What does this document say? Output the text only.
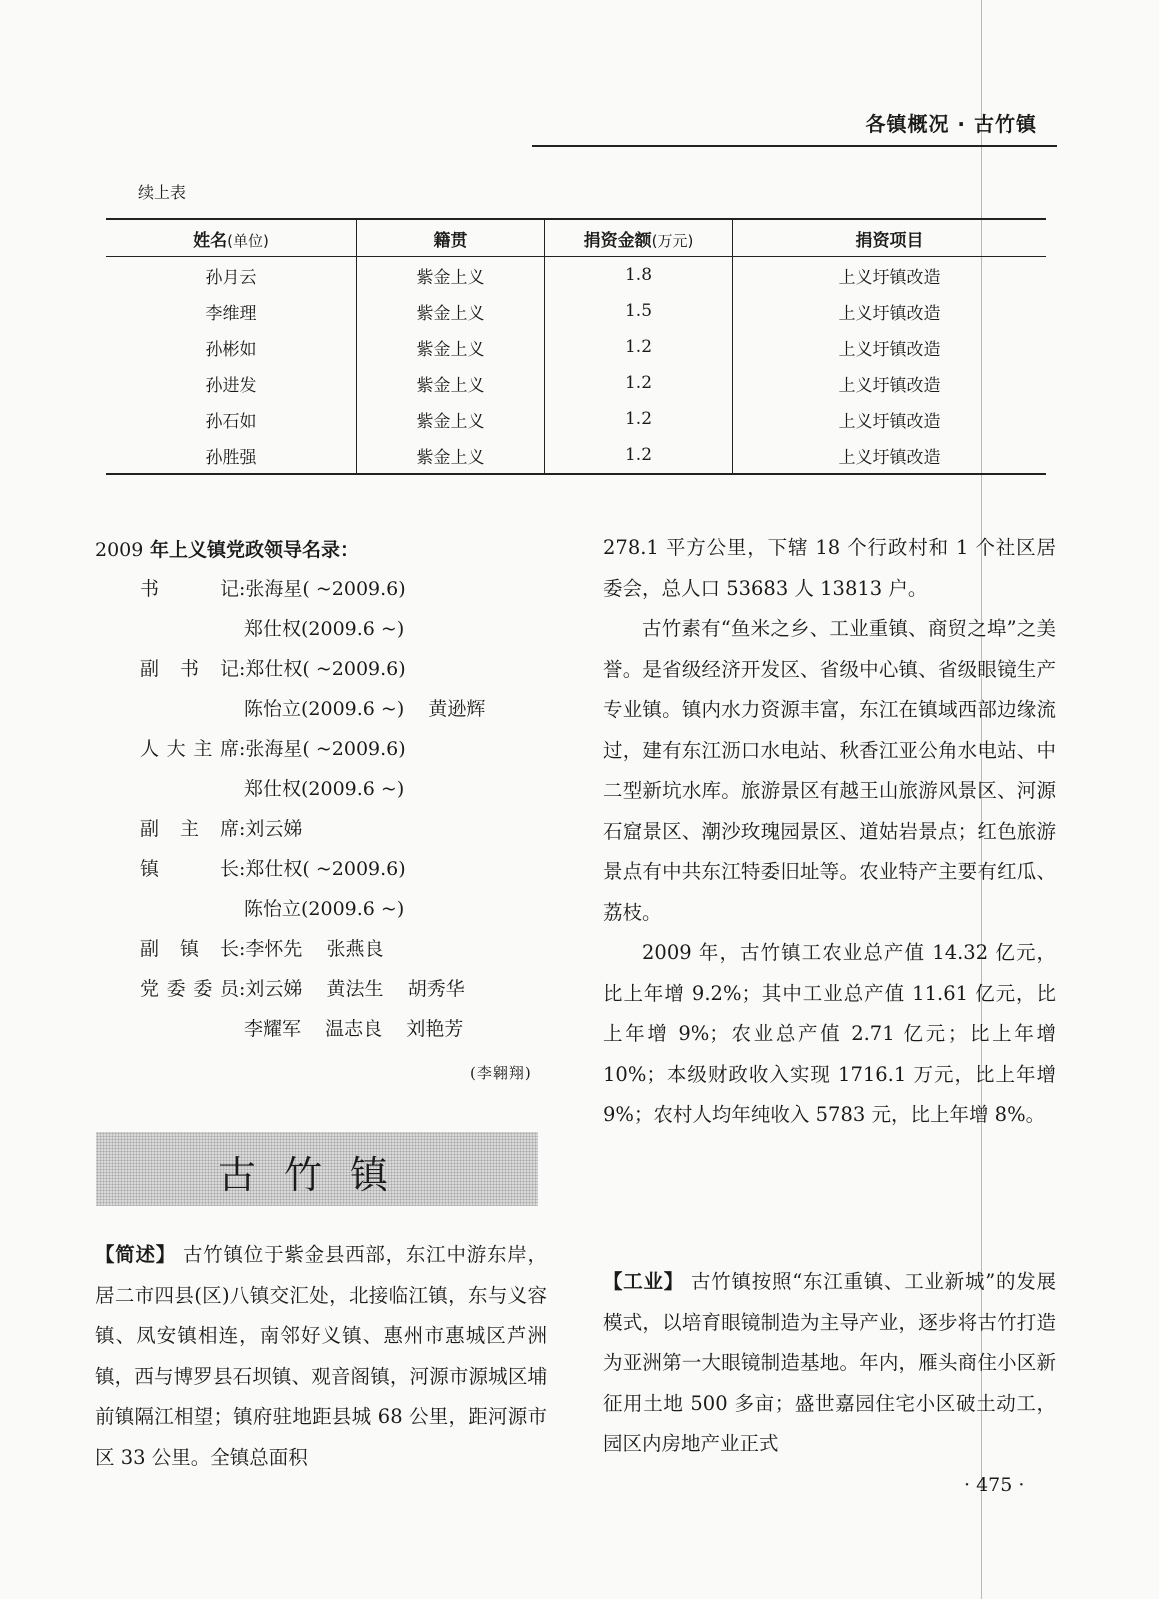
各镇概况 · 古竹镇
续上表
姓名(单位)	籍贯	捐资金额(万元)	捐资项目
孙月云	紫金上义	1.8	上义圩镇改造
李维理	紫金上义	1.5	上义圩镇改造
孙彬如	紫金上义	1.2	上义圩镇改造
孙进发	紫金上义	1.2	上义圩镇改造
孙石如	紫金上义	1.2	上义圩镇改造
孙胜强	紫金上义	1.2	上义圩镇改造
2009 年上义镇党政领导名录：
书记:张海星( ~2009.6)
郑仕权(2009.6 ~)
副书记:郑仕权( ~2009.6)
陈怡立(2009.6 ~)    黄逊辉
人大主席:张海星( ~2009.6)
郑仕权(2009.6 ~)
副主席:刘云娣
镇长:郑仕权( ~2009.6)
陈怡立(2009.6 ~)
副镇长:李怀先    张燕良
党委委员:刘云娣    黄法生    胡秀华
李耀军    温志良    刘艳芳
(李翱翔)
古竹镇
【简述】 古竹镇位于紫金县西部，东江中游东岸，居二市四县(区)八镇交汇处，北接临江镇，东与义容镇、凤安镇相连，南邻好义镇、惠州市惠城区芦洲镇，西与博罗县石坝镇、观音阁镇，河源市源城区埔前镇隔江相望；镇府驻地距县城 68 公里，距河源市区 33 公里。全镇总面积
278.1 平方公里，下辖 18 个行政村和 1 个社区居委会，总人口 53683 人 13813 户。
古竹素有“鱼米之乡、工业重镇、商贸之埠”之美誉。是省级经济开发区、省级中心镇、省级眼镜生产专业镇。镇内水力资源丰富，东江在镇域西部边缘流过，建有东江沥口水电站、秋香江亚公角水电站、中二型新坑水库。旅游景区有越王山旅游风景区、河源石窟景区、潮沙玫瑰园景区、道姑岩景点；红色旅游景点有中共东江特委旧址等。农业特产主要有红瓜、荔枝。
2009 年，古竹镇工农业总产值 14.32 亿元，比上年增 9.2%；其中工业总产值 11.61 亿元，比上年增 9%；农业总产值 2.71 亿元；比上年增 10%；本级财政收入实现 1716.1 万元，比上年增 9%；农村人均年纯收入 5783 元，比上年增 8%。
【工业】 古竹镇按照“东江重镇、工业新城”的发展模式，以培育眼镜制造为主导产业，逐步将古竹打造为亚洲第一大眼镜制造基地。年内，雁头商住小区新征用土地 500 多亩；盛世嘉园住宅小区破土动工，园区内房地产业正式
· 475 ·
